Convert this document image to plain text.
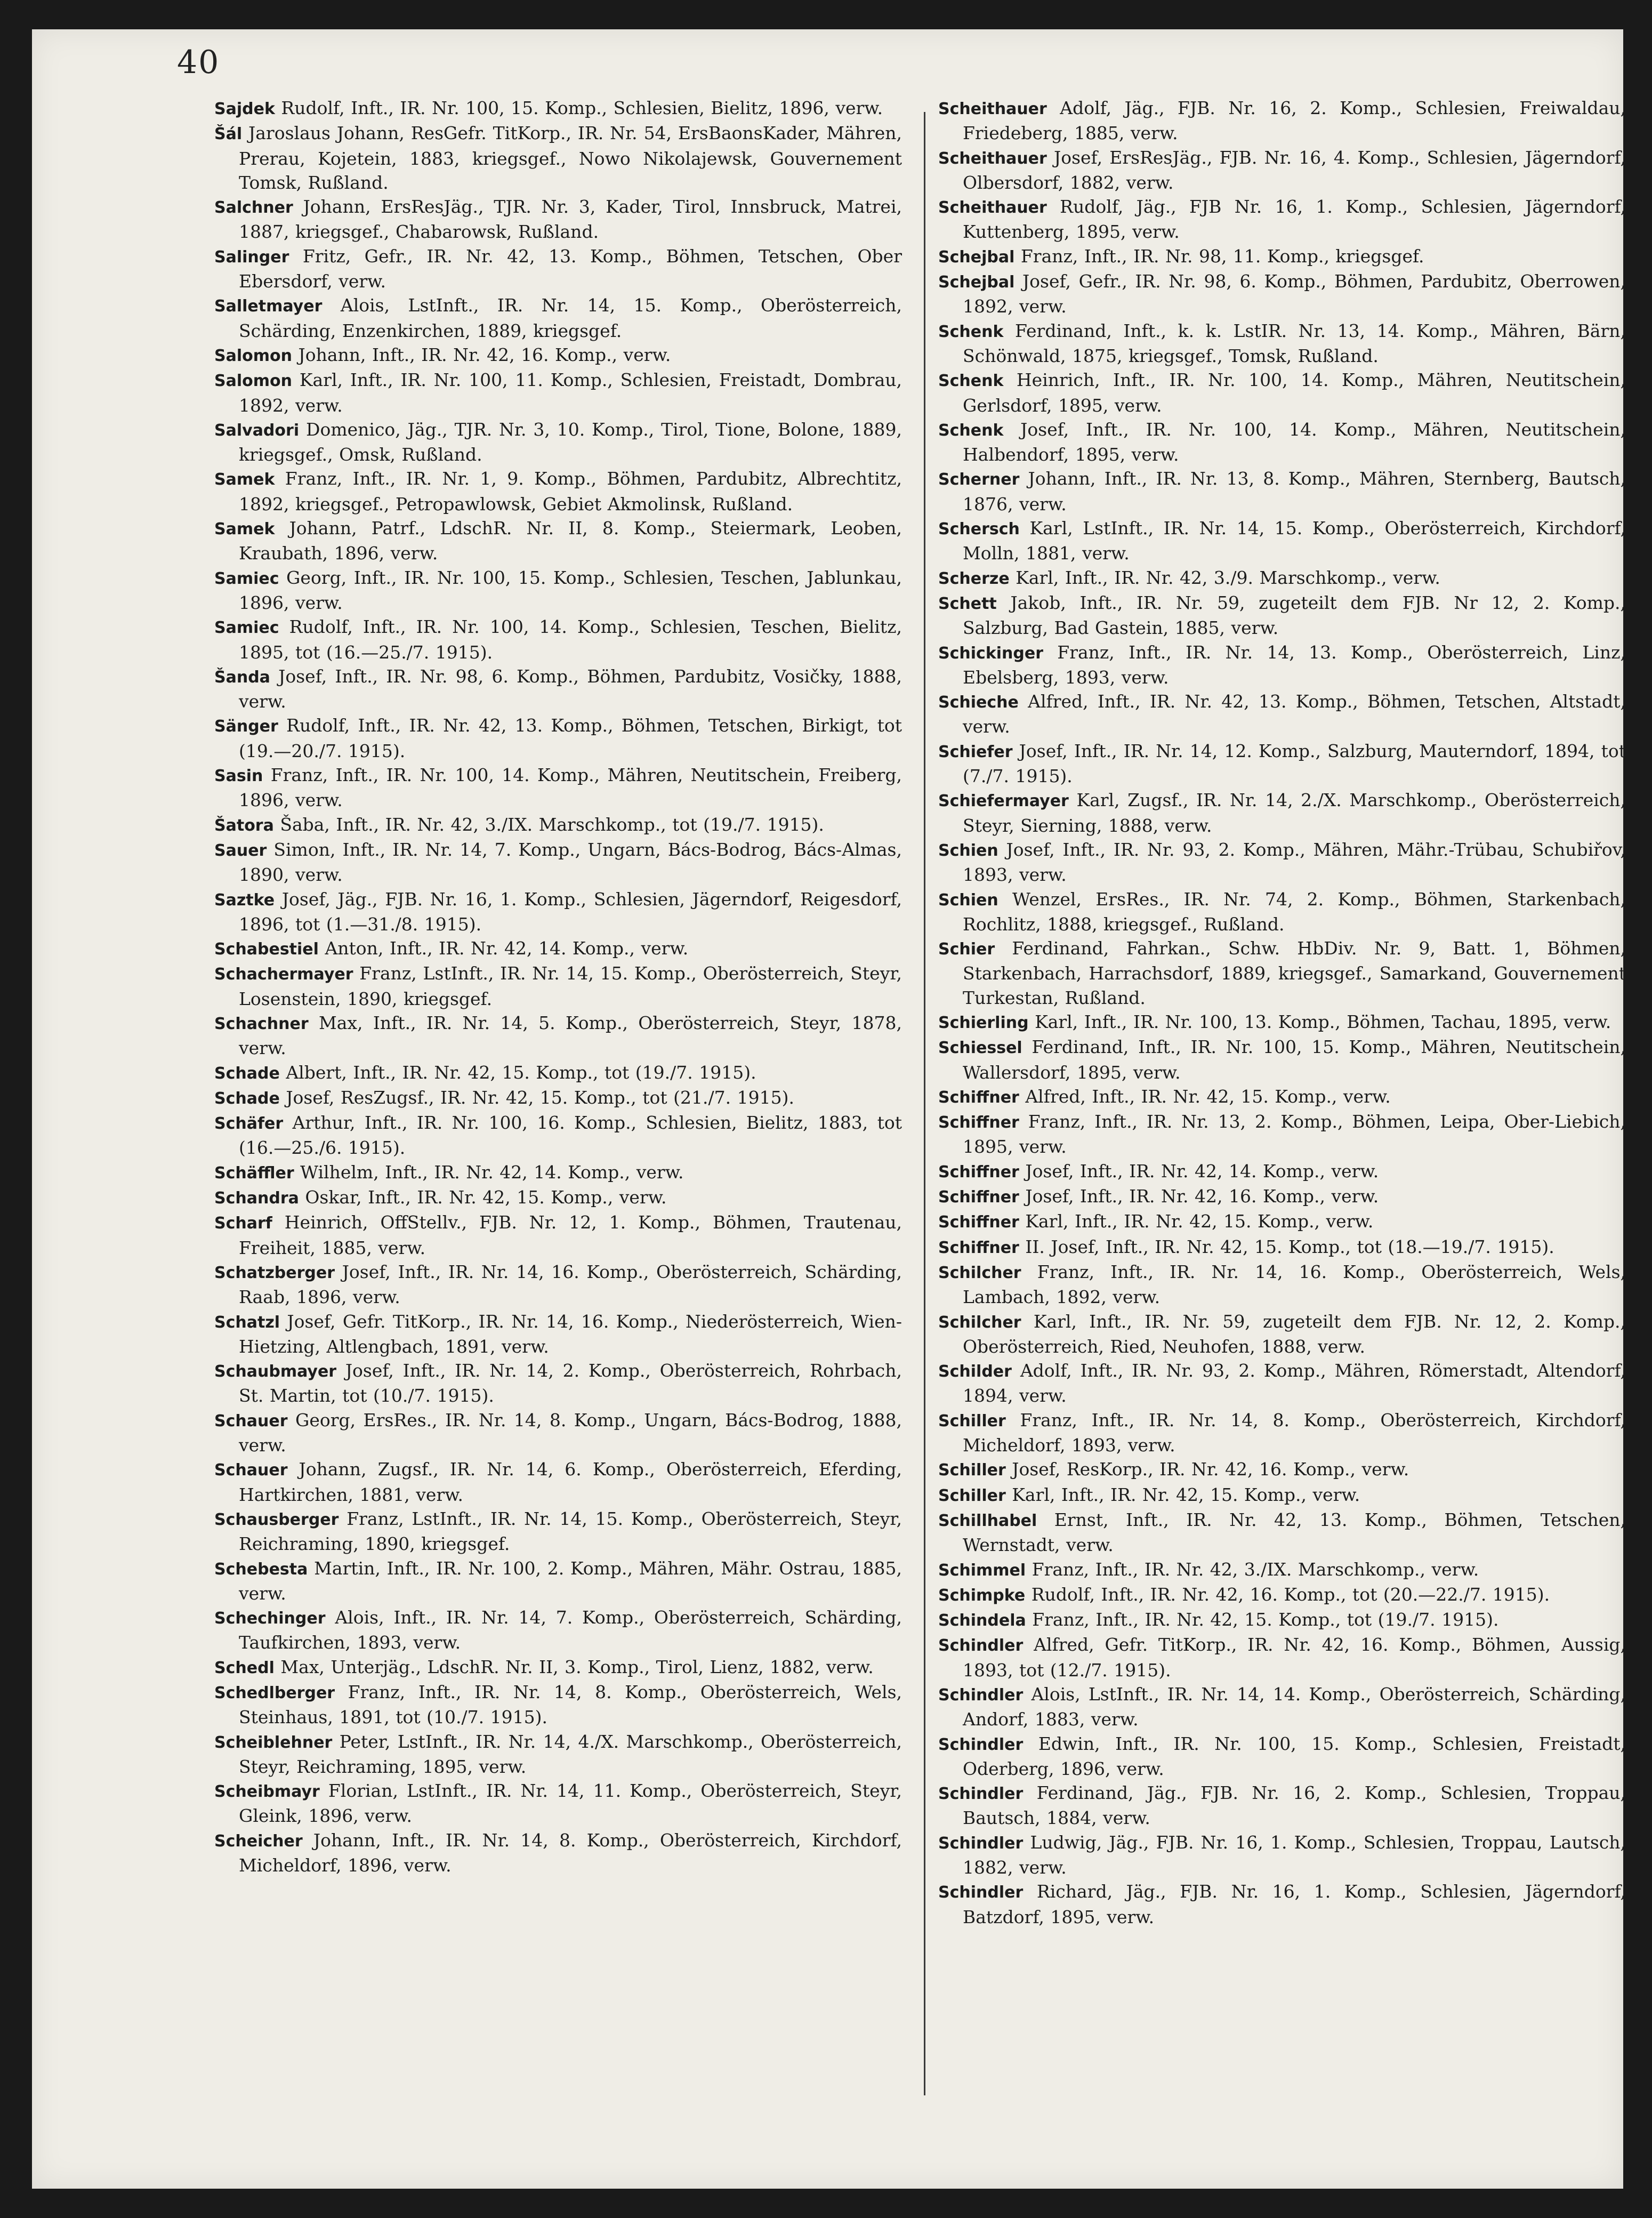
40
Sajdek Rudolf, Inft., IR. Nr. 100, 15. Komp., Schlesien, Bielitz, 1896, verw.
Šál Jaroslaus Johann, ResGefr. TitKorp., IR. Nr. 54, ErsBaonsKader, Mähren, Prerau, Kojetein, 1883, kriegsgef., Nowo Nikolajewsk, Gouvernement Tomsk, Rußland.
Salchner Johann, ErsResJäg., TJR. Nr. 3, Kader, Tirol, Innsbruck, Matrei, 1887, kriegsgef., Chabarowsk, Rußland.
Salinger Fritz, Gefr., IR. Nr. 42, 13. Komp., Böhmen, Tetschen, Ober Ebersdorf, verw.
Salletmayer Alois, LstInft., IR. Nr. 14, 15. Komp., Oberösterreich, Schärding, Enzenkirchen, 1889, kriegsgef.
Salomon Johann, Inft., IR. Nr. 42, 16. Komp., verw.
Salomon Karl, Inft., IR. Nr. 100, 11. Komp., Schlesien, Freistadt, Dombrau, 1892, verw.
Salvadori Domenico, Jäg., TJR. Nr. 3, 10. Komp., Tirol, Tione, Bolone, 1889, kriegsgef., Omsk, Rußland.
Samek Franz, Inft., IR. Nr. 1, 9. Komp., Böhmen, Pardubitz, Albrechtitz, 1892, kriegsgef., Petropawlowsk, Gebiet Akmolinsk, Rußland.
Samek Johann, Patrf., LdschR. Nr. II, 8. Komp., Steiermark, Leoben, Kraubath, 1896, verw.
Samiec Georg, Inft., IR. Nr. 100, 15. Komp., Schlesien, Teschen, Jablunkau, 1896, verw.
Samiec Rudolf, Inft., IR. Nr. 100, 14. Komp., Schlesien, Teschen, Bielitz, 1895, tot (16.—25./7. 1915).
Šanda Josef, Inft., IR. Nr. 98, 6. Komp., Böhmen, Pardubitz, Vosičky, 1888, verw.
Sänger Rudolf, Inft., IR. Nr. 42, 13. Komp., Böhmen, Tetschen, Birkigt, tot (19.—20./7. 1915).
Sasin Franz, Inft., IR. Nr. 100, 14. Komp., Mähren, Neutitschein, Freiberg, 1896, verw.
Šatora Šaba, Inft., IR. Nr. 42, 3./IX. Marschkomp., tot (19./7. 1915).
Sauer Simon, Inft., IR. Nr. 14, 7. Komp., Ungarn, Bács-Bodrog, Bács-Almas, 1890, verw.
Saztke Josef, Jäg., FJB. Nr. 16, 1. Komp., Schlesien, Jägerndorf, Reigesdorf, 1896, tot (1.—31./8. 1915).
Schabestiel Anton, Inft., IR. Nr. 42, 14. Komp., verw.
Schachermayer Franz, LstInft., IR. Nr. 14, 15. Komp., Oberösterreich, Steyr, Losenstein, 1890, kriegsgef.
Schachner Max, Inft., IR. Nr. 14, 5. Komp., Oberösterreich, Steyr, 1878, verw.
Schade Albert, Inft., IR. Nr. 42, 15. Komp., tot (19./7. 1915).
Schade Josef, ResZugsf., IR. Nr. 42, 15. Komp., tot (21./7. 1915).
Schäfer Arthur, Inft., IR. Nr. 100, 16. Komp., Schlesien, Bielitz, 1883, tot (16.—25./6. 1915).
Schäffler Wilhelm, Inft., IR. Nr. 42, 14. Komp., verw.
Schandra Oskar, Inft., IR. Nr. 42, 15. Komp., verw.
Scharf Heinrich, OffStellv., FJB. Nr. 12, 1. Komp., Böhmen, Trautenau, Freiheit, 1885, verw.
Schatzberger Josef, Inft., IR. Nr. 14, 16. Komp., Oberösterreich, Schärding, Raab, 1896, verw.
Schatzl Josef, Gefr. TitKorp., IR. Nr. 14, 16. Komp., Niederösterreich, Wien-Hietzing, Altlengbach, 1891, verw.
Schaubmayer Josef, Inft., IR. Nr. 14, 2. Komp., Oberösterreich, Rohrbach, St. Martin, tot (10./7. 1915).
Schauer Georg, ErsRes., IR. Nr. 14, 8. Komp., Ungarn, Bács-Bodrog, 1888, verw.
Schauer Johann, Zugsf., IR. Nr. 14, 6. Komp., Oberösterreich, Eferding, Hartkirchen, 1881, verw.
Schausberger Franz, LstInft., IR. Nr. 14, 15. Komp., Oberösterreich, Steyr, Reichraming, 1890, kriegsgef.
Schebesta Martin, Inft., IR. Nr. 100, 2. Komp., Mähren, Mähr. Ostrau, 1885, verw.
Schechinger Alois, Inft., IR. Nr. 14, 7. Komp., Oberösterreich, Schärding, Taufkirchen, 1893, verw.
Schedl Max, Unterjäg., LdschR. Nr. II, 3. Komp., Tirol, Lienz, 1882, verw.
Schedlberger Franz, Inft., IR. Nr. 14, 8. Komp., Oberösterreich, Wels, Steinhaus, 1891, tot (10./7. 1915).
Scheiblehner Peter, LstInft., IR. Nr. 14, 4./X. Marschkomp., Oberösterreich, Steyr, Reichraming, 1895, verw.
Scheibmayr Florian, LstInft., IR. Nr. 14, 11. Komp., Oberösterreich, Steyr, Gleink, 1896, verw.
Scheicher Johann, Inft., IR. Nr. 14, 8. Komp., Oberösterreich, Kirchdorf, Micheldorf, 1896, verw.
Scheithauer Adolf, Jäg., FJB. Nr. 16, 2. Komp., Schlesien, Freiwaldau, Friedeberg, 1885, verw.
Scheithauer Josef, ErsResJäg., FJB. Nr. 16, 4. Komp., Schlesien, Jägerndorf, Olbersdorf, 1882, verw.
Scheithauer Rudolf, Jäg., FJB Nr. 16, 1. Komp., Schlesien, Jägerndorf, Kuttenberg, 1895, verw.
Schejbal Franz, Inft., IR. Nr. 98, 11. Komp., kriegsgef.
Schejbal Josef, Gefr., IR. Nr. 98, 6. Komp., Böhmen, Pardubitz, Oberrowen, 1892, verw.
Schenk Ferdinand, Inft., k. k. LstIR. Nr. 13, 14. Komp., Mähren, Bärn, Schönwald, 1875, kriegsgef., Tomsk, Rußland.
Schenk Heinrich, Inft., IR. Nr. 100, 14. Komp., Mähren, Neutitschein, Gerlsdorf, 1895, verw.
Schenk Josef, Inft., IR. Nr. 100, 14. Komp., Mähren, Neutitschein, Halbendorf, 1895, verw.
Scherner Johann, Inft., IR. Nr. 13, 8. Komp., Mähren, Sternberg, Bautsch, 1876, verw.
Schersch Karl, LstInft., IR. Nr. 14, 15. Komp., Oberösterreich, Kirchdorf, Molln, 1881, verw.
Scherze Karl, Inft., IR. Nr. 42, 3./9. Marschkomp., verw.
Schett Jakob, Inft., IR. Nr. 59, zugeteilt dem FJB. Nr 12, 2. Komp., Salzburg, Bad Gastein, 1885, verw.
Schickinger Franz, Inft., IR. Nr. 14, 13. Komp., Oberösterreich, Linz, Ebelsberg, 1893, verw.
Schieche Alfred, Inft., IR. Nr. 42, 13. Komp., Böhmen, Tetschen, Altstadt, verw.
Schiefer Josef, Inft., IR. Nr. 14, 12. Komp., Salzburg, Mauterndorf, 1894, tot (7./7. 1915).
Schiefermayer Karl, Zugsf., IR. Nr. 14, 2./X. Marschkomp., Oberösterreich, Steyr, Sierning, 1888, verw.
Schien Josef, Inft., IR. Nr. 93, 2. Komp., Mähren, Mähr.-Trübau, Schubiřov, 1893, verw.
Schien Wenzel, ErsRes., IR. Nr. 74, 2. Komp., Böhmen, Starkenbach, Rochlitz, 1888, kriegsgef., Rußland.
Schier Ferdinand, Fahrkan., Schw. HbDiv. Nr. 9, Batt. 1, Böhmen, Starkenbach, Harrachsdorf, 1889, kriegsgef., Samarkand, Gouvernement Turkestan, Rußland.
Schierling Karl, Inft., IR. Nr. 100, 13. Komp., Böhmen, Tachau, 1895, verw.
Schiessel Ferdinand, Inft., IR. Nr. 100, 15. Komp., Mähren, Neutitschein, Wallersdorf, 1895, verw.
Schiffner Alfred, Inft., IR. Nr. 42, 15. Komp., verw.
Schiffner Franz, Inft., IR. Nr. 13, 2. Komp., Böhmen, Leipa, Ober-Liebich, 1895, verw.
Schiffner Josef, Inft., IR. Nr. 42, 14. Komp., verw.
Schiffner Josef, Inft., IR. Nr. 42, 16. Komp., verw.
Schiffner Karl, Inft., IR. Nr. 42, 15. Komp., verw.
Schiffner II. Josef, Inft., IR. Nr. 42, 15. Komp., tot (18.—19./7. 1915).
Schilcher Franz, Inft., IR. Nr. 14, 16. Komp., Oberösterreich, Wels, Lambach, 1892, verw.
Schilcher Karl, Inft., IR. Nr. 59, zugeteilt dem FJB. Nr. 12, 2. Komp., Oberösterreich, Ried, Neuhofen, 1888, verw.
Schilder Adolf, Inft., IR. Nr. 93, 2. Komp., Mähren, Römerstadt, Altendorf, 1894, verw.
Schiller Franz, Inft., IR. Nr. 14, 8. Komp., Oberösterreich, Kirchdorf, Micheldorf, 1893, verw.
Schiller Josef, ResKorp., IR. Nr. 42, 16. Komp., verw.
Schiller Karl, Inft., IR. Nr. 42, 15. Komp., verw.
Schillhabel Ernst, Inft., IR. Nr. 42, 13. Komp., Böhmen, Tetschen, Wernstadt, verw.
Schimmel Franz, Inft., IR. Nr. 42, 3./IX. Marschkomp., verw.
Schimpke Rudolf, Inft., IR. Nr. 42, 16. Komp., tot (20.—22./7. 1915).
Schindela Franz, Inft., IR. Nr. 42, 15. Komp., tot (19./7. 1915).
Schindler Alfred, Gefr. TitKorp., IR. Nr. 42, 16. Komp., Böhmen, Aussig, 1893, tot (12./7. 1915).
Schindler Alois, LstInft., IR. Nr. 14, 14. Komp., Oberösterreich, Schärding, Andorf, 1883, verw.
Schindler Edwin, Inft., IR. Nr. 100, 15. Komp., Schlesien, Freistadt, Oderberg, 1896, verw.
Schindler Ferdinand, Jäg., FJB. Nr. 16, 2. Komp., Schlesien, Troppau, Bautsch, 1884, verw.
Schindler Ludwig, Jäg., FJB. Nr. 16, 1. Komp., Schlesien, Troppau, Lautsch, 1882, verw.
Schindler Richard, Jäg., FJB. Nr. 16, 1. Komp., Schlesien, Jägerndorf, Batzdorf, 1895, verw.
